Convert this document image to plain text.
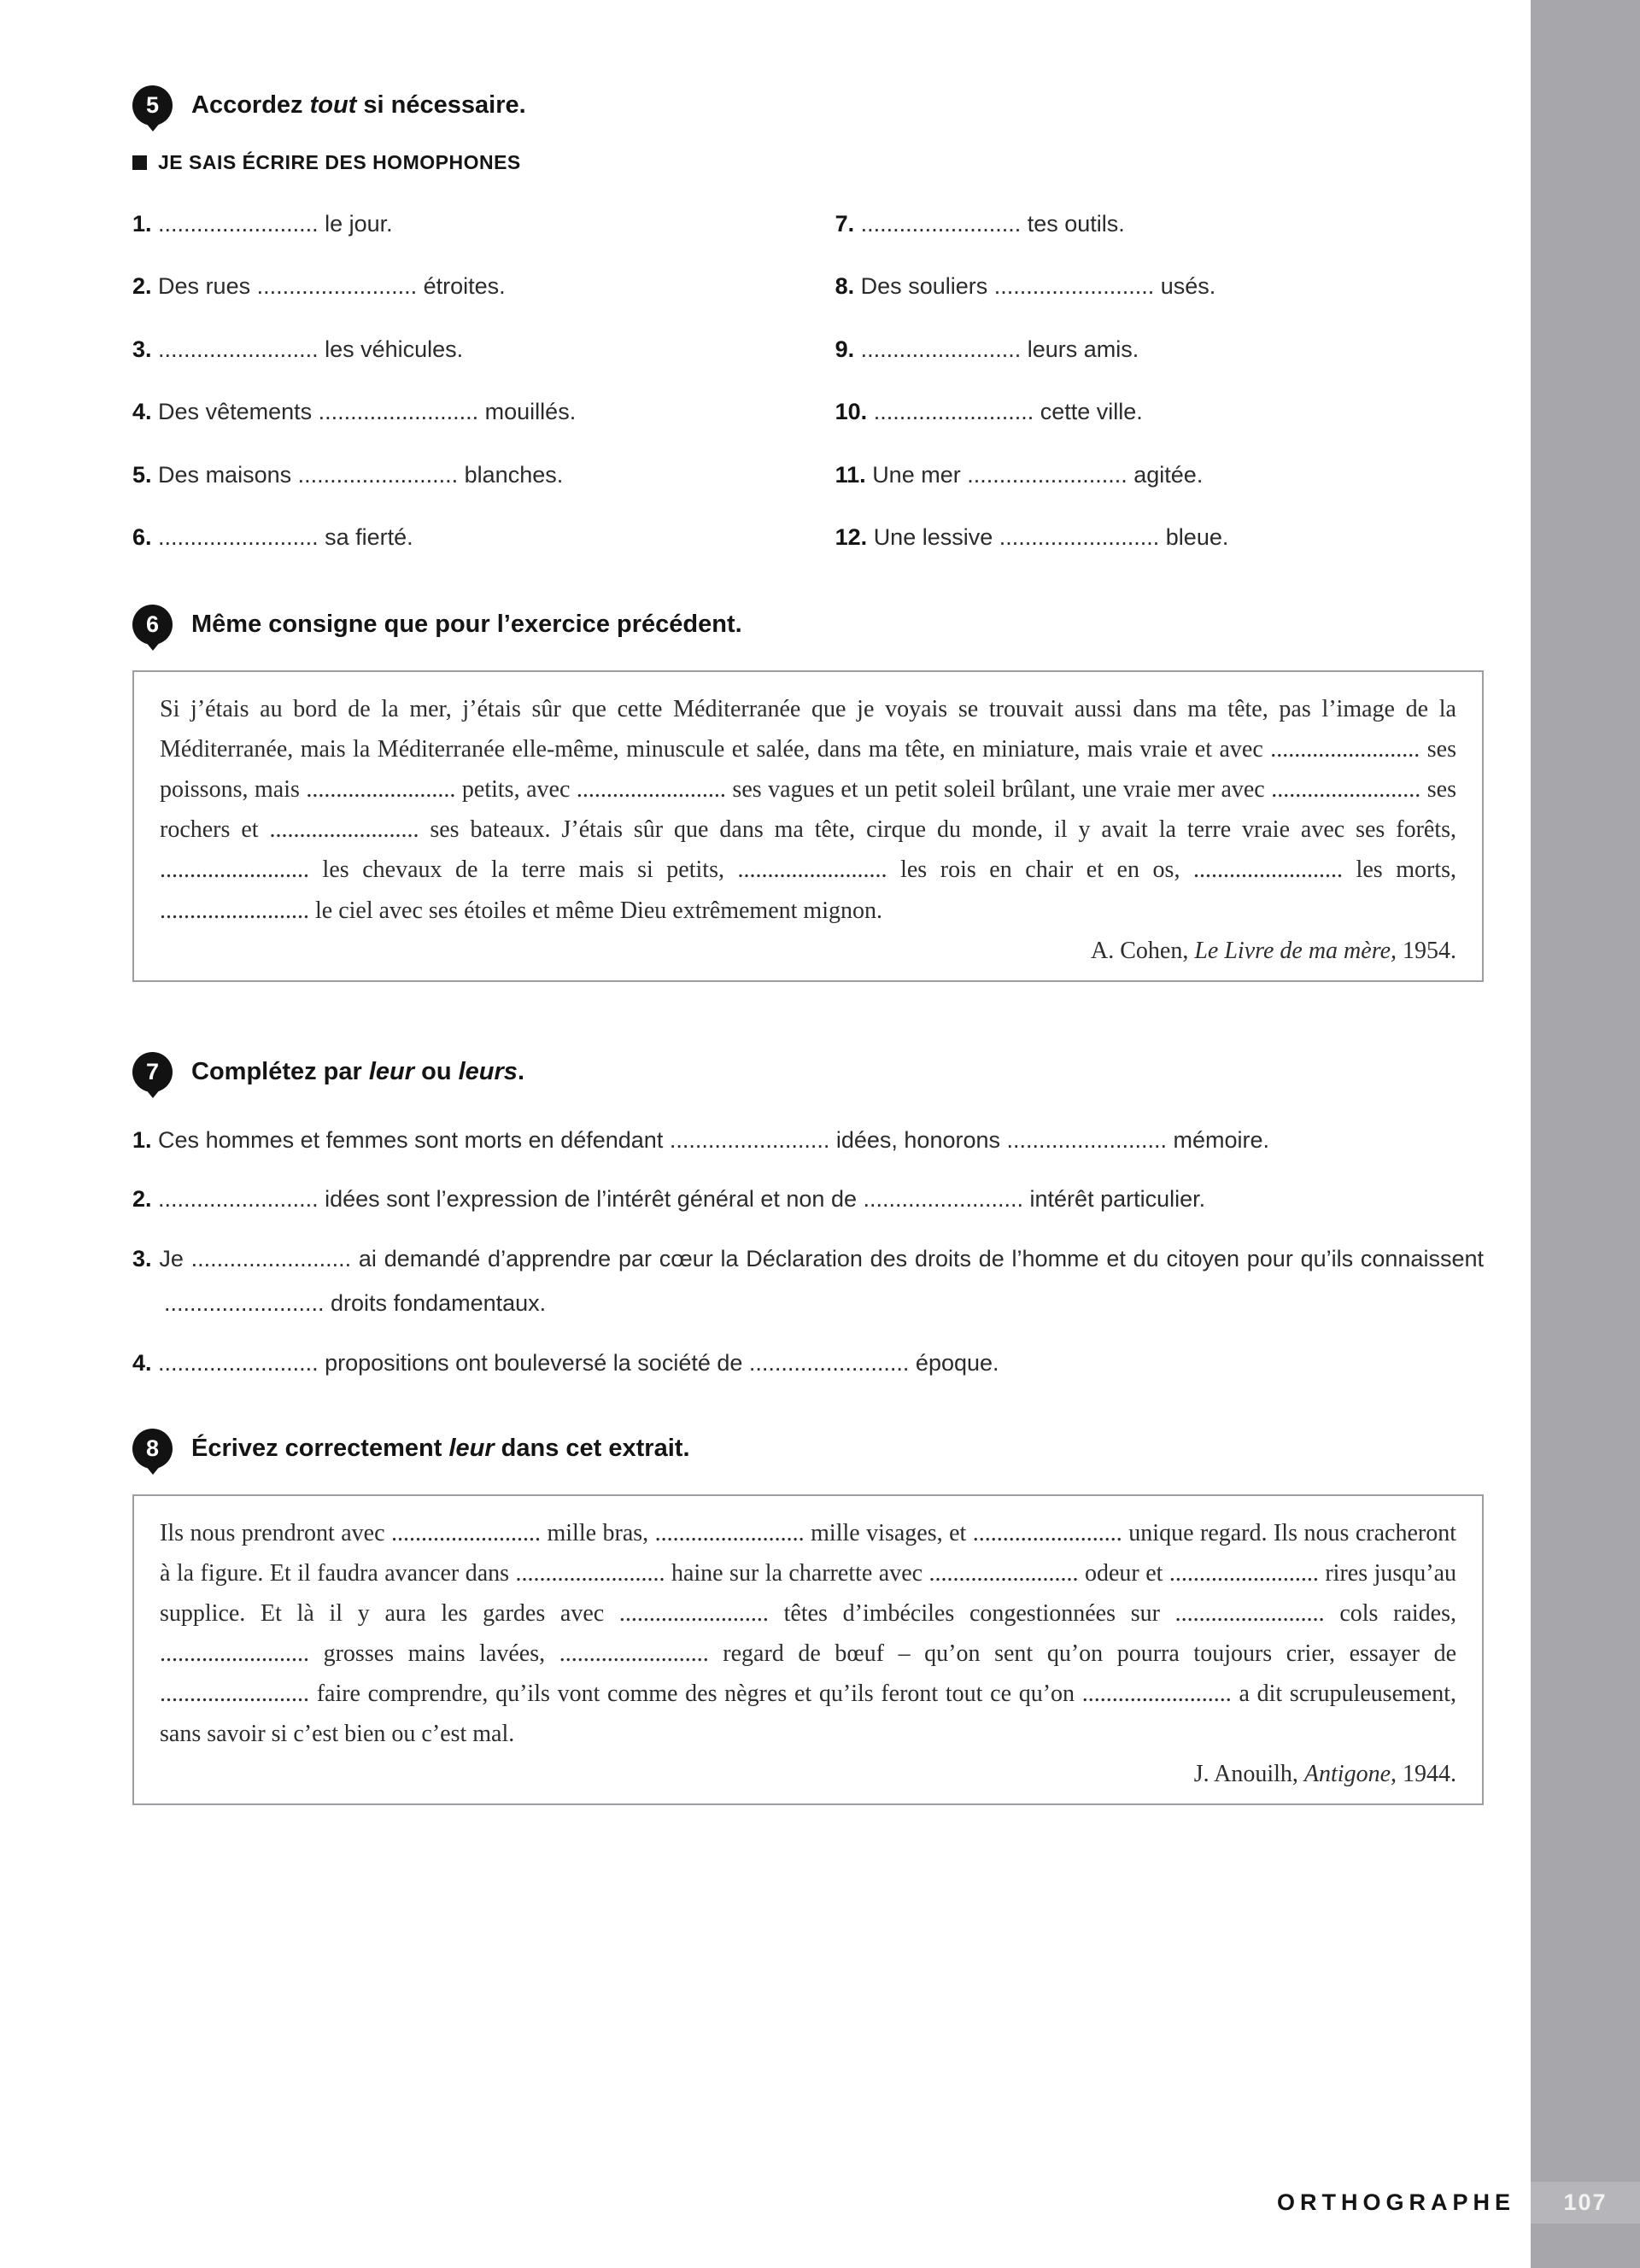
5 Accordez tout si nécessaire.
JE SAIS ÉCRIRE DES HOMOPHONES

1. ......................... le jour.

2. Des rues ......................... étroites.

3. ......................... les véhicules.

4. Des vêtements ......................... mouillés.

5. Des maisons ......................... blanches.

6. ......................... sa fierté.

7. ......................... tes outils.

8. Des souliers ......................... usés.

9. ......................... leurs amis.

10. ......................... cette ville.

11. Une mer ......................... agitée.

12. Une lessive ......................... bleue.

6 Même consigne que pour l’exercice précédent.

Si j’étais au bord de la mer, j’étais sûr que cette Méditerranée que je voyais se trouvait aussi dans ma tête, pas l’image de la Méditerranée, mais la Méditerranée elle-même, minuscule et salée, dans ma tête, en miniature, mais vraie et avec ......................... ses poissons, mais ......................... petits, avec ......................... ses vagues et un petit soleil brûlant, une vraie mer avec ......................... ses rochers et ......................... ses bateaux. J’étais sûr que dans ma tête, cirque du monde, il y avait la terre vraie avec ses forêts, ......................... les chevaux de la terre mais si petits, ......................... les rois en chair et en os, ......................... les morts, ......................... le ciel avec ses étoiles et même Dieu extrêmement mignon.

A. Cohen, Le Livre de ma mère, 1954.

7 Complétez par leur ou leurs.

1. Ces hommes et femmes sont morts en défendant ......................... idées, honorons ......................... mémoire.

2. ......................... idées sont l’expression de l’intérêt général et non de ......................... intérêt particulier.

3. Je ......................... ai demandé d’apprendre par cœur la Déclaration des droits de l’homme et du citoyen pour qu’ils connaissent ......................... droits fondamentaux.

4. ......................... propositions ont bouleversé la société de ......................... époque.

8 Écrivez correctement leur dans cet extrait.

Ils nous prendront avec ......................... mille bras, ......................... mille visages, et ......................... unique regard. Ils nous cracheront à la figure. Et il faudra avancer dans ......................... haine sur la charrette avec ......................... odeur et ......................... rires jusqu’au supplice. Et là il y aura les gardes avec ......................... têtes d’imbéciles congestionnées sur ......................... cols raides, ......................... grosses mains lavées, ......................... regard de bœuf – qu’on sent qu’on pourra toujours crier, essayer de ......................... faire comprendre, qu’ils vont comme des nègres et qu’ils feront tout ce qu’on ......................... a dit scrupuleusement, sans savoir si c’est bien ou c’est mal.

J. Anouilh, Antigone, 1944.

ORTHOGRAPHE	107
